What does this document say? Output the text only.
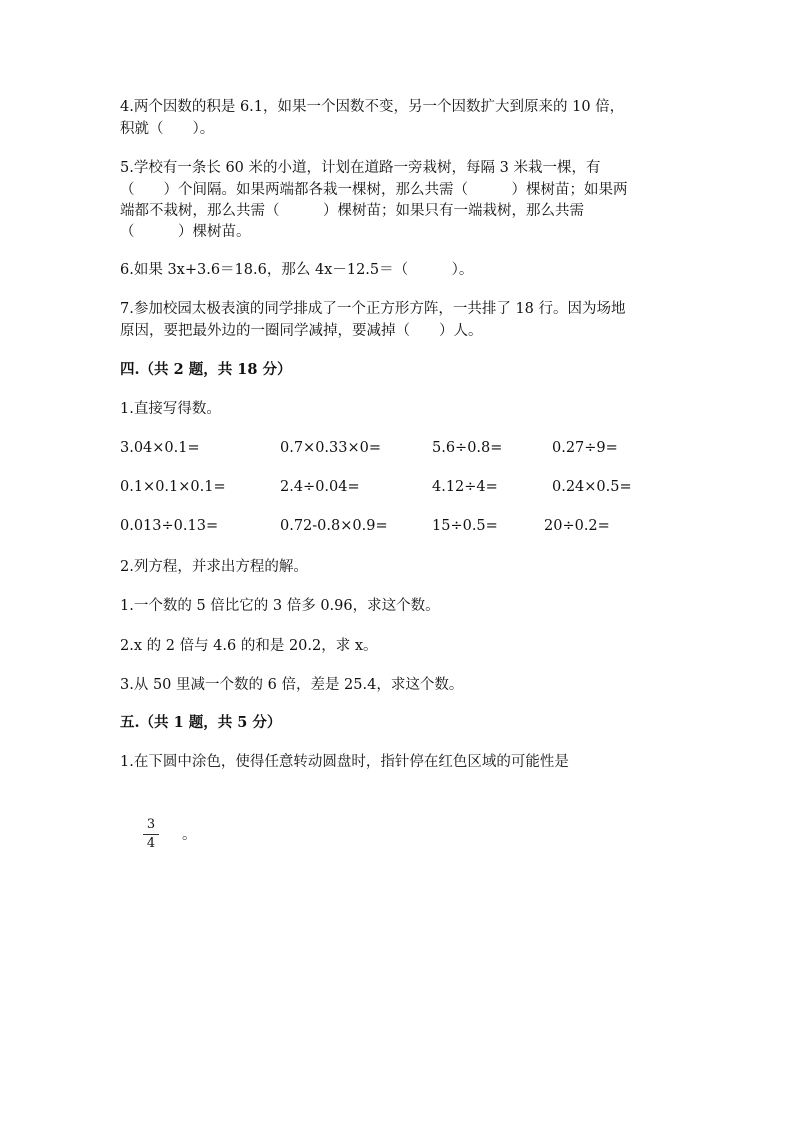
4.两个因数的积是 6.1，如果一个因数不变，另一个因数扩大到原来的 10 倍，
积就（　　）。
5.学校有一条长 60 米的小道，计划在道路一旁栽树，每隔 3 米栽一棵，有
（　　）个间隔。如果两端都各栽一棵树，那么共需（　　　）棵树苗；如果两
端都不栽树，那么共需（　　　）棵树苗；如果只有一端栽树，那么共需
（　　　）棵树苗。
6.如果 3x+3.6＝18.6，那么 4x－12.5＝（　　　）。
7.参加校园太极表演的同学排成了一个正方形方阵，一共排了 18 行。因为场地
原因，要把最外边的一圈同学减掉，要减掉（　　）人。
四.（共 2 题，共 18 分）
1.直接写得数。
3.04×0.1=	0.7×0.33×0=	5.6÷0.8=	0.27÷9=
0.1×0.1×0.1=	2.4÷0.04=	4.12÷4=	0.24×0.5=
0.013÷0.13=	0.72-0.8×0.9=	15÷0.5=	20÷0.2=
2.列方程，并求出方程的解。
1.一个数的 5 倍比它的 3 倍多 0.96，求这个数。
2.x 的 2 倍与 4.6 的和是 20.2，求 x。
3.从 50 里减一个数的 6 倍，差是 25.4，求这个数。
五.（共 1 题，共 5 分）
1.在下圆中涂色，使得任意转动圆盘时，指针停在红色区域的可能性是
3
4
。
